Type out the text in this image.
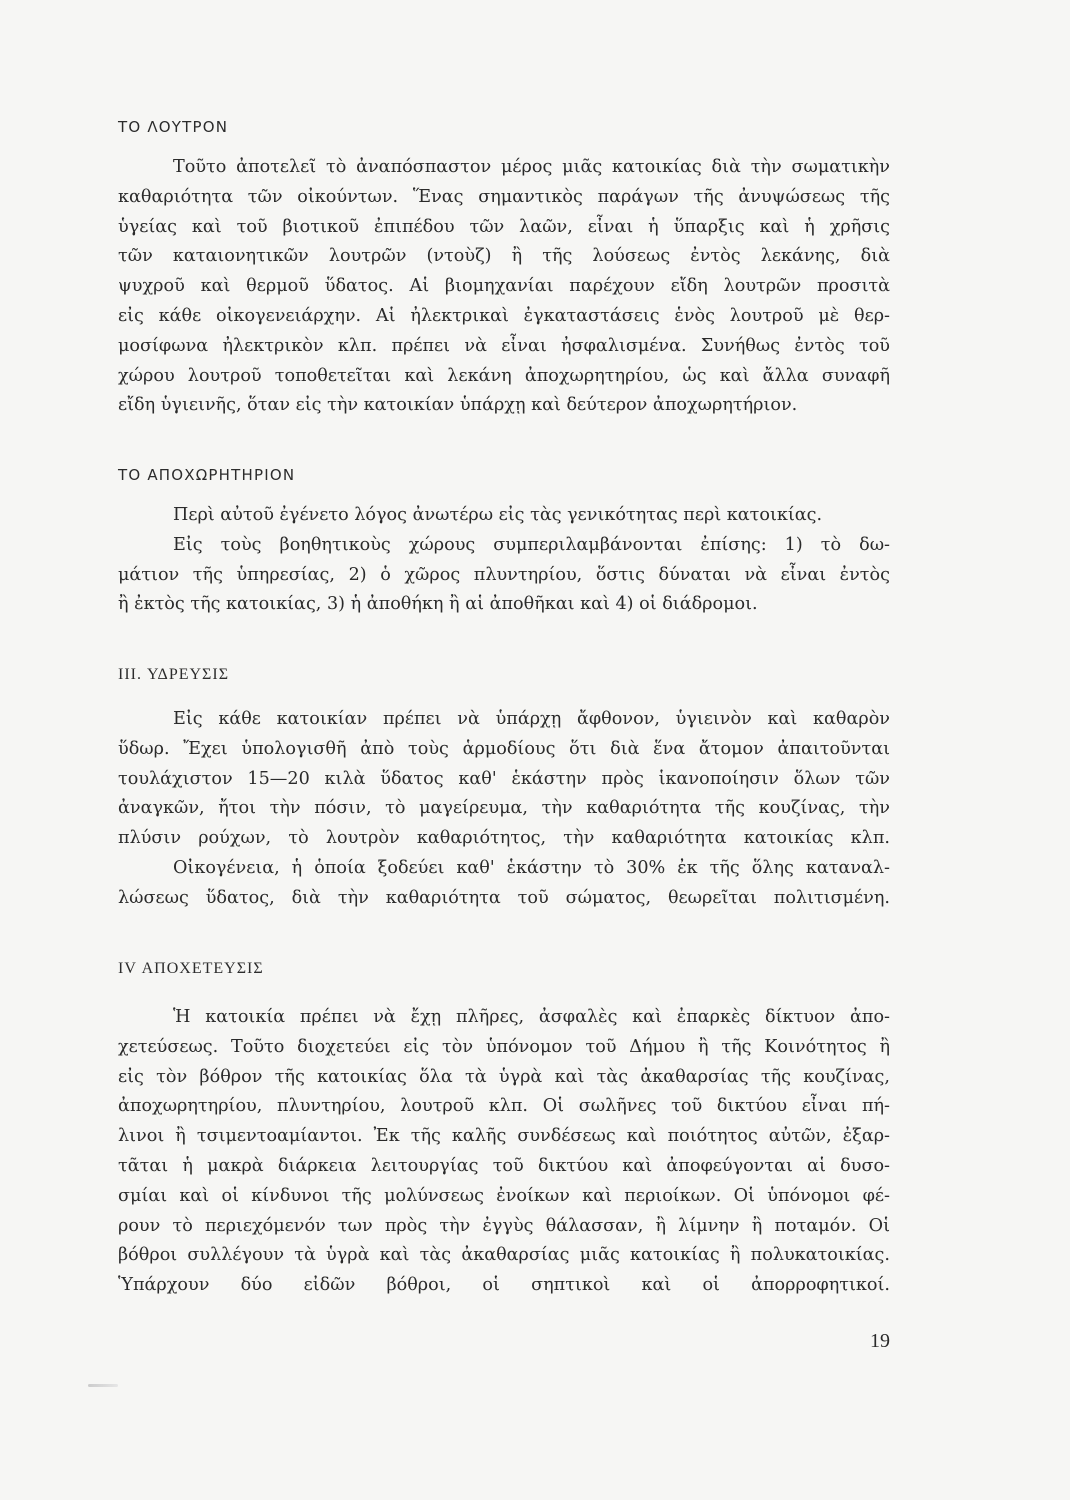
ΤΟ ΛΟΥΤΡΟΝ
Τοῦτο ἀποτελεῖ τὸ ἀναπόσπαστον μέρος μιᾶς κατοικίας διὰ τὴν σωματικὴν
καθαριότητα τῶν οἰκούντων. Ἕνας σημαντικὸς παράγων τῆς ἀνυψώσεως τῆς
ὑγείας καὶ τοῦ βιοτικοῦ ἐπιπέδου τῶν λαῶν, εἶναι ἡ ὕπαρξις καὶ ἡ χρῆσις
τῶν καταιονητικῶν λουτρῶν (ντοὺζ) ἢ τῆς λούσεως ἐντὸς λεκάνης, διὰ
ψυχροῦ καὶ θερμοῦ ὕδατος. Αἱ βιομηχανίαι παρέχουν εἴδη λουτρῶν προσιτὰ
εἰς κάθε οἰκογενειάρχην. Αἱ ἠλεκτρικαὶ ἐγκαταστάσεις ἑνὸς λουτροῦ μὲ θερ-
μοσίφωνα ἠλεκτρικὸν κλπ. πρέπει νὰ εἶναι ἠσφαλισμένα. Συνήθως ἐντὸς τοῦ
χώρου λουτροῦ τοποθετεῖται καὶ λεκάνη ἀποχωρητηρίου, ὡς καὶ ἄλλα συναφῆ
εἴδη ὑγιεινῆς, ὅταν εἰς τὴν κατοικίαν ὑπάρχῃ καὶ δεύτερον ἀποχωρητήριον.
ΤΟ ΑΠΟΧΩΡΗΤΗΡΙΟΝ
Περὶ αὐτοῦ ἐγένετο λόγος ἀνωτέρω εἰς τὰς γενικότητας περὶ κατοικίας.
Εἰς τοὺς βοηθητικοὺς χώρους συμπεριλαμβάνονται ἐπίσης: 1) τὸ δω-
μάτιον τῆς ὑπηρεσίας, 2) ὁ χῶρος πλυντηρίου, ὅστις δύναται νὰ εἶναι ἐντὸς
ἢ ἐκτὸς τῆς κατοικίας, 3) ἡ ἀποθήκη ἢ αἱ ἀποθῆκαι καὶ 4) οἱ διάδρομοι.
III. ΥΔΡΕΥΣΙΣ
Εἰς κάθε κατοικίαν πρέπει νὰ ὑπάρχῃ ἄφθονον, ὑγιεινὸν καὶ καθαρὸν
ὕδωρ. Ἔχει ὑπολογισθῆ ἀπὸ τοὺς ἁρμοδίους ὅτι διὰ ἕνα ἄτομον ἀπαιτοῦνται
τουλάχιστον 15—20 κιλὰ ὕδατος καθ' ἑκάστην πρὸς ἱκανοποίησιν ὅλων τῶν
ἀναγκῶν, ἤτοι τὴν πόσιν, τὸ μαγείρευμα, τὴν καθαριότητα τῆς κουζίνας, τὴν
πλύσιν ρούχων, τὸ λουτρὸν καθαριότητος, τὴν καθαριότητα κατοικίας κλπ.
Οἰκογένεια, ἡ ὁποία ξοδεύει καθ' ἑκάστην τὸ 30% ἐκ τῆς ὅλης καταναλ-
λώσεως ὕδατος, διὰ τὴν καθαριότητα τοῦ σώματος, θεωρεῖται πολιτισμένη.
IV ΑΠΟΧΕΤΕΥΣΙΣ
Ἡ κατοικία πρέπει νὰ ἔχῃ πλῆρες, ἀσφαλὲς καὶ ἐπαρκὲς δίκτυον ἀπο-
χετεύσεως. Τοῦτο διοχετεύει εἰς τὸν ὑπόνομον τοῦ Δήμου ἢ τῆς Κοινότητος ἢ
εἰς τὸν βόθρον τῆς κατοικίας ὅλα τὰ ὑγρὰ καὶ τὰς ἀκαθαρσίας τῆς κουζίνας,
ἀποχωρητηρίου, πλυντηρίου, λουτροῦ κλπ. Οἱ σωλῆνες τοῦ δικτύου εἶναι πή-
λινοι ἢ τσιμεντοαμίαντοι. Ἐκ τῆς καλῆς συνδέσεως καὶ ποιότητος αὐτῶν, ἐξαρ-
τᾶται ἡ μακρὰ διάρκεια λειτουργίας τοῦ δικτύου καὶ ἀποφεύγονται αἱ δυσο-
σμίαι καὶ οἱ κίνδυνοι τῆς μολύνσεως ἐνοίκων καὶ περιοίκων. Οἱ ὑπόνομοι φέ-
ρουν τὸ περιεχόμενόν των πρὸς τὴν ἐγγὺς θάλασσαν, ἢ λίμνην ἢ ποταμόν. Οἱ
βόθροι συλλέγουν τὰ ὑγρὰ καὶ τὰς ἀκαθαρσίας μιᾶς κατοικίας ἢ πολυκατοικίας.
Ὑπάρχουν δύο εἰδῶν βόθροι, οἱ σηπτικοὶ καὶ οἱ ἀπορροφητικοί.
19
